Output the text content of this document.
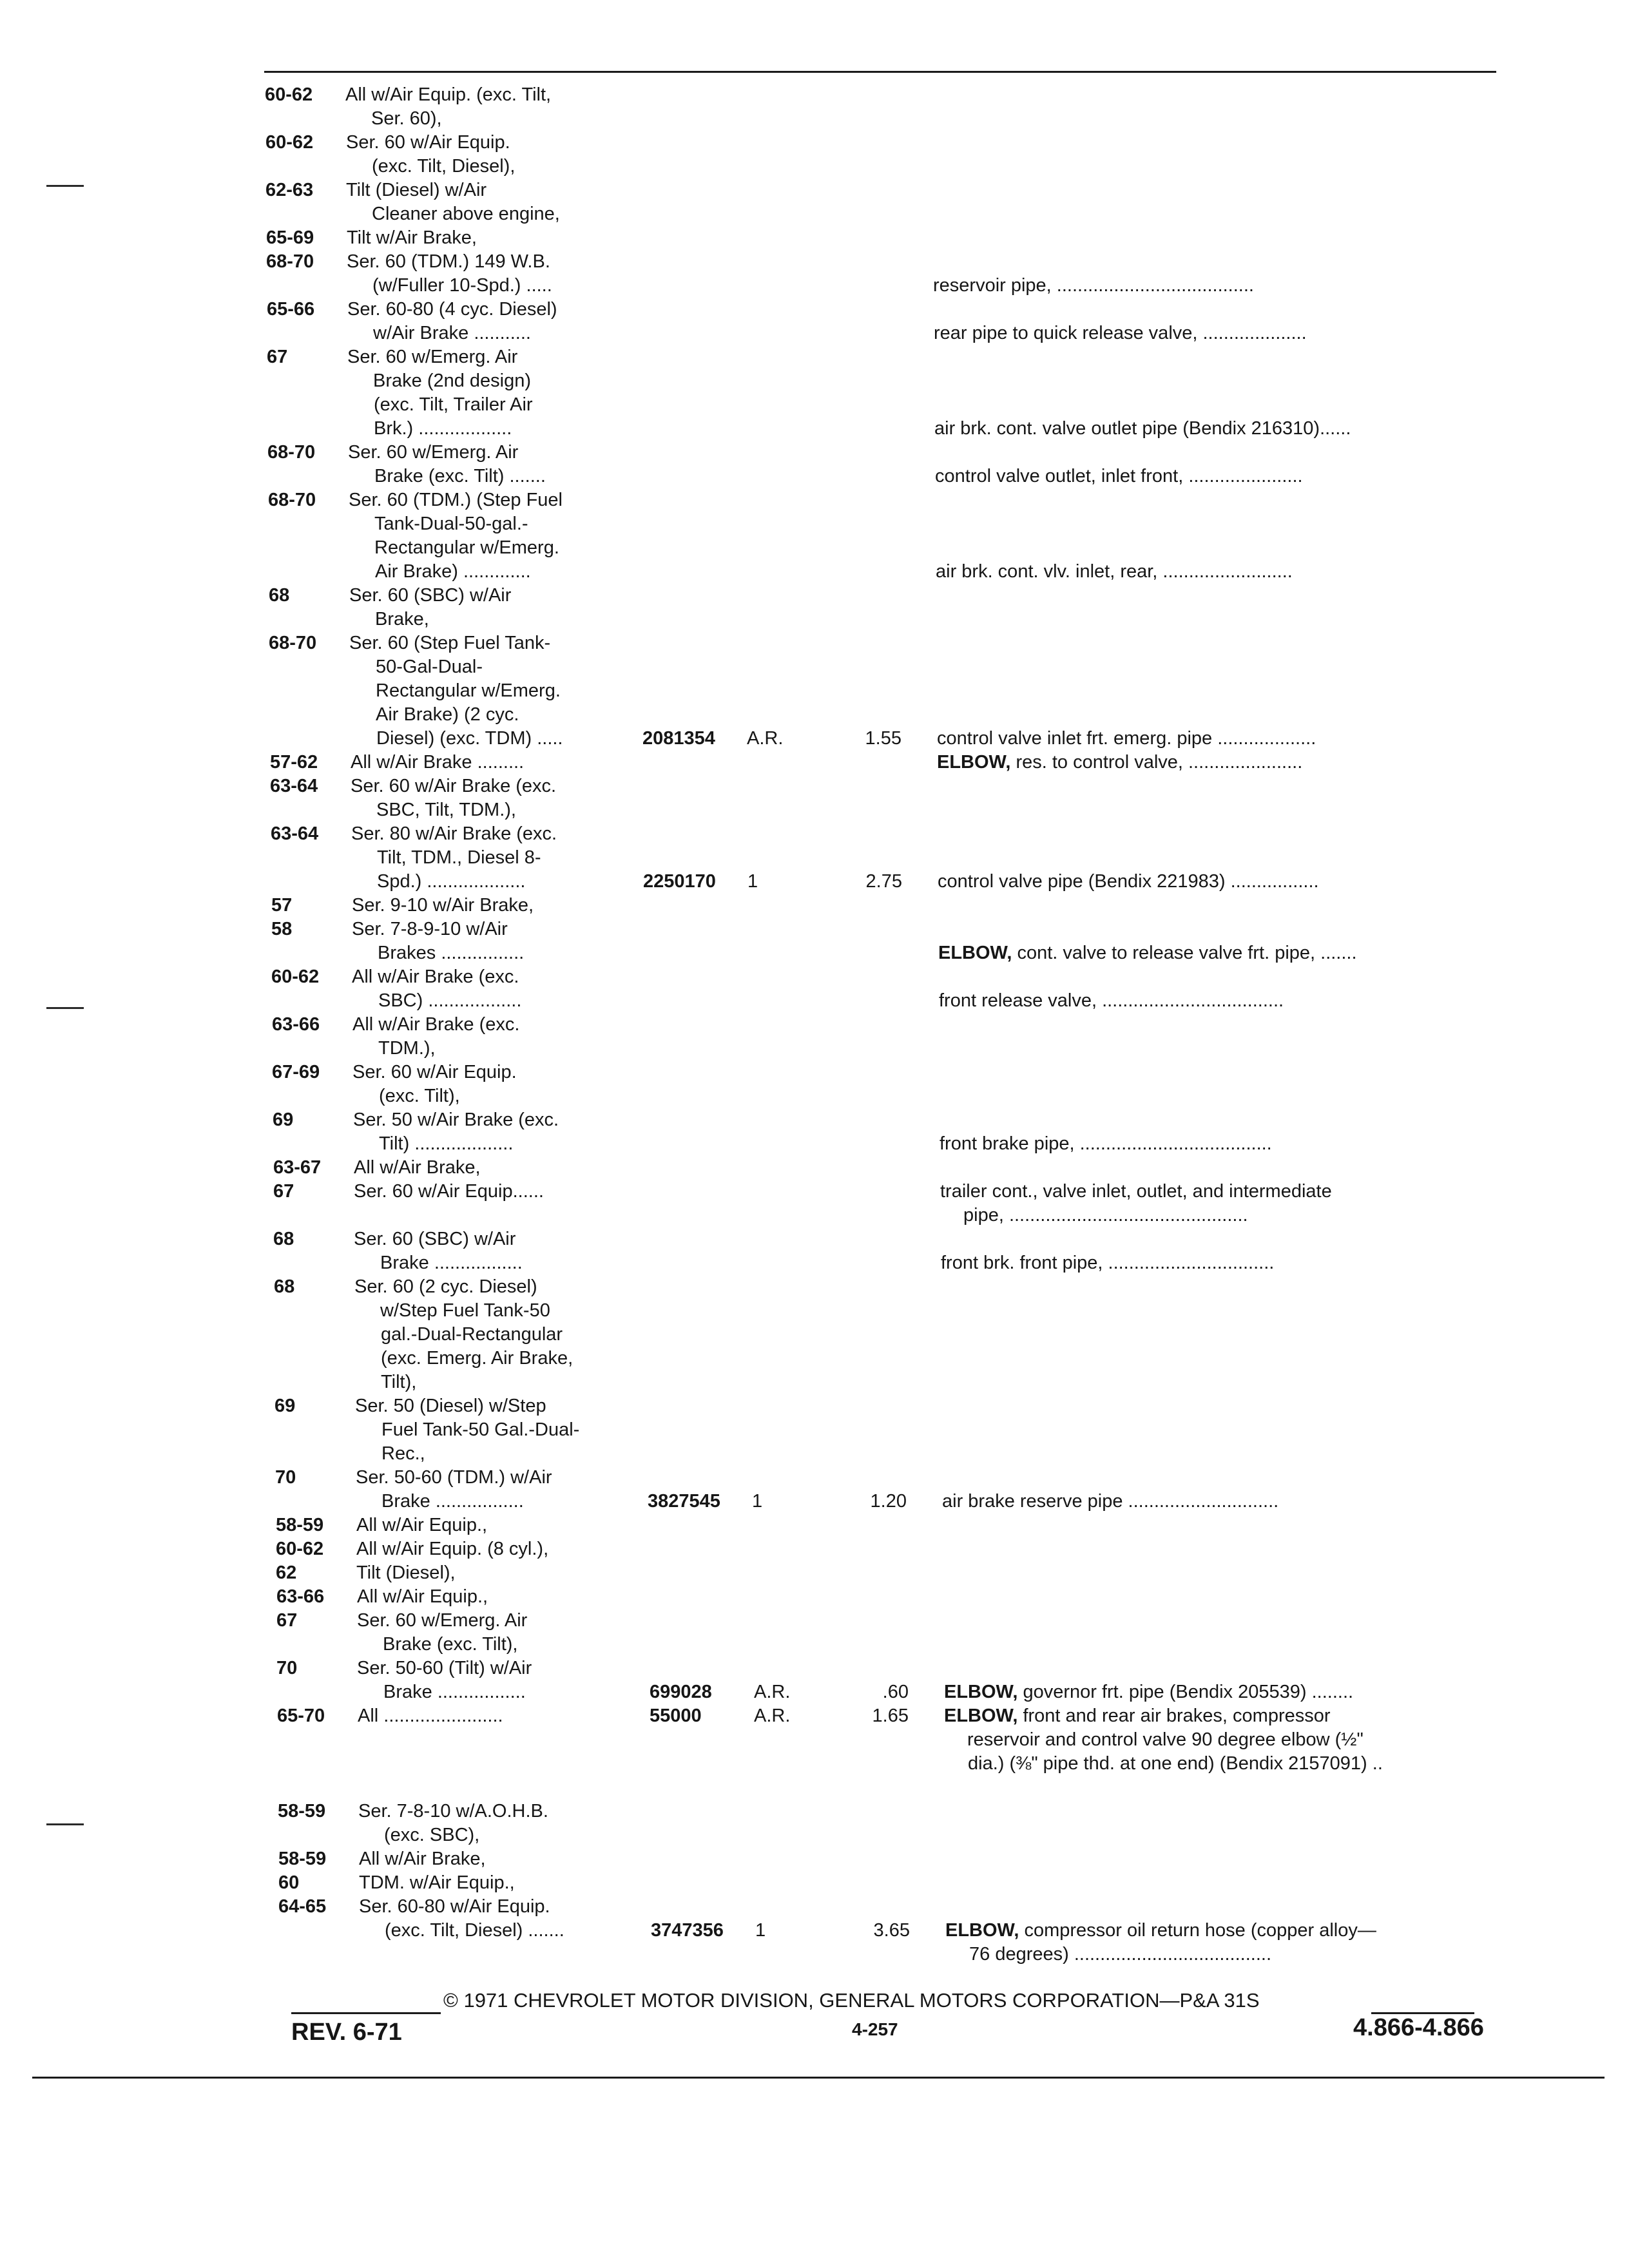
60-62 All w/Air Equip. (exc. Tilt,
Ser. 60),
60-62 Ser. 60 w/Air Equip.
(exc. Tilt, Diesel),
62-63 Tilt (Diesel) w/Air
Cleaner above engine,
65-69 Tilt w/Air Brake,
68-70 Ser. 60 (TDM.) 149 W.B.
(w/Fuller 10-Spd.) .....	reservoir pipe, ......................................
65-66 Ser. 60-80 (4 cyc. Diesel)
w/Air Brake ...........	rear pipe to quick release valve, ....................
67	Ser. 60 w/Emerg. Air
Brake (2nd design)
(exc. Tilt, Trailer Air
Brk.) ..................	air brk. cont. valve outlet pipe (Bendix 216310)......
68-70 Ser. 60 w/Emerg. Air
Brake (exc. Tilt) .......	control valve outlet, inlet front, ......................
68-70 Ser. 60 (TDM.) (Step Fuel
Tank-Dual-50-gal.-
Rectangular w/Emerg.
Air Brake) .............	air brk. cont. vlv. inlet, rear, .........................
68	Ser. 60 (SBC) w/Air
Brake,
68-70 Ser. 60 (Step Fuel Tank-
50-Gal-Dual-
Rectangular w/Emerg.
Air Brake) (2 cyc.
Diesel) (exc. TDM) .....	2081354 A.R.	1.55 control valve inlet frt. emerg. pipe ...................
57-62 All w/Air Brake .........	ELBOW, res. to control valve, ......................
63-64 Ser. 60 w/Air Brake (exc.
SBC, Tilt, TDM.),
63-64 Ser. 80 w/Air Brake (exc.
Tilt, TDM., Diesel 8-
Spd.) ...................	2250170 1	2.75 control valve pipe (Bendix 221983) .................
57	Ser. 9-10 w/Air Brake,
58	Ser. 7-8-9-10 w/Air
Brakes ................	ELBOW, cont. valve to release valve frt. pipe, .......
60-62 All w/Air Brake (exc.
SBC) ..................	front release valve, ...................................
63-66 All w/Air Brake (exc.
TDM.),
67-69 Ser. 60 w/Air Equip.
(exc. Tilt),
69	Ser. 50 w/Air Brake (exc.
Tilt) ...................	front brake pipe, .....................................
63-67 All w/Air Brake,
67	Ser. 60 w/Air Equip......	trailer cont., valve inlet, outlet, and intermediate
pipe, ..............................................
68	Ser. 60 (SBC) w/Air
Brake .................	front brk. front pipe, ................................
68	Ser. 60 (2 cyc. Diesel)
w/Step Fuel Tank-50
gal.-Dual-Rectangular
(exc. Emerg. Air Brake,
Tilt),
69	Ser. 50 (Diesel) w/Step
Fuel Tank-50 Gal.-Dual-
Rec.,
70	Ser. 50-60 (TDM.) w/Air
Brake .................	3827545 1	1.20 air brake reserve pipe .............................
58-59 All w/Air Equip.,
60-62 All w/Air Equip. (8 cyl.),
62	Tilt (Diesel),
63-66 All w/Air Equip.,
67	Ser. 60 w/Emerg. Air
Brake (exc. Tilt),
70	Ser. 50-60 (Tilt) w/Air
Brake .................	699028 A.R.	.60 ELBOW, governor frt. pipe (Bendix 205539) ........
65-70 All .......................	55000	A.R.	1.65 ELBOW, front and rear air brakes, compressor
reservoir and control valve 90 degree elbow (½"
dia.) (⅜" pipe thd. at one end) (Bendix 2157091) ..
58-59 Ser. 7-8-10 w/A.O.H.B.
(exc. SBC),
58-59 All w/Air Brake,
60	TDM. w/Air Equip.,
64-65 Ser. 60-80 w/Air Equip.
(exc. Tilt, Diesel) .......	3747356 1	3.65 ELBOW, compressor oil return hose (copper alloy—
76 degrees) ......................................
© 1971 CHEVROLET MOTOR DIVISION, GENERAL MOTORS CORPORATION—P&A 31S
REV. 6-71	4-257	4.866-4.866
